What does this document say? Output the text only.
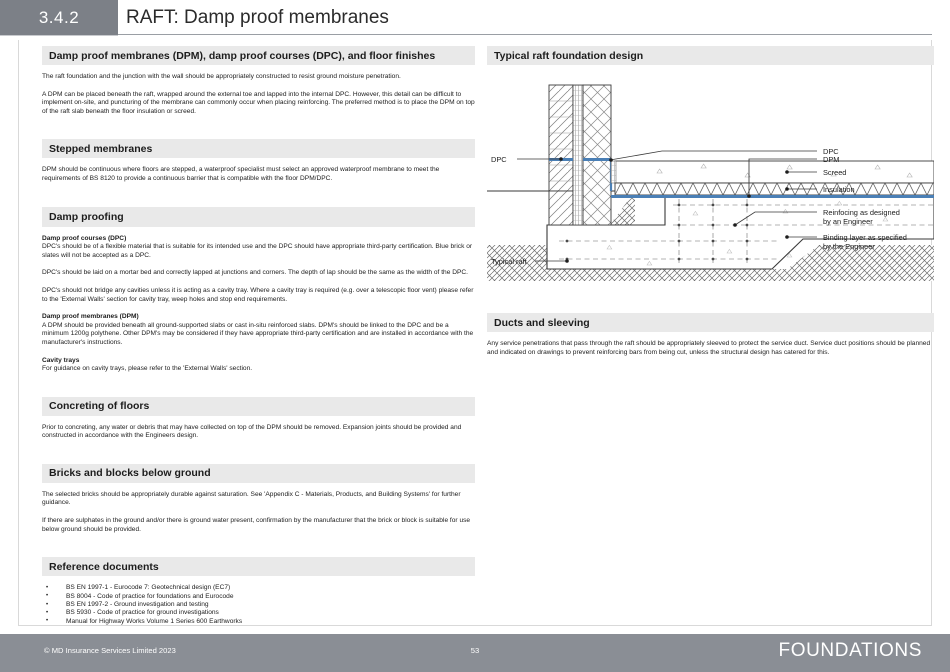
3.4.2	RAFT: Damp proof membranes
Damp proof membranes (DPM), damp proof courses (DPC), and floor finishes

The raft foundation and the junction with the wall should be appropriately constructed to resist ground moisture penetration.

A DPM can be placed beneath the raft, wrapped around the external toe and lapped into the internal DPC. However, this detail can be difficult to implement on-site, and puncturing of the membrane can commonly occur when placing reinforcing. The preferred method is to place the DPM on top of the raft slab beneath the floor insulation or screed.

Stepped membranes

DPM should be continuous where floors are stepped, a waterproof specialist must select an approved waterproof membrane to meet the requirements of BS 8120 to provide a continuous barrier that is compatible with the floor DPM/DPC.

Damp proofing
Damp proof courses (DPC)

DPC's should be of a flexible material that is suitable for its intended use and the DPC should have appropriate third-party certification. Blue brick or slates will not be accepted as a DPC.

DPC's should be laid on a mortar bed and correctly lapped at junctions and corners. The depth of lap should be the same as the width of the DPC.

DPC's should not bridge any cavities unless it is acting as a cavity tray. Where a cavity tray is required (e.g. over a telescopic floor vent) please refer to the 'External Walls' section for cavity tray, weep holes and stop end requirements.

Damp proof membranes (DPM)

A DPM should be provided beneath all ground-supported slabs or cast in-situ reinforced slabs. DPM's should be linked to the DPC and be a minimum 1200g polythene. Other DPM's may be considered if they have appropriate third-party certification and are installed in accordance with the manufacturer's instructions.

Cavity trays

For guidance on cavity trays, please refer to the 'External Walls' section.

Concreting of floors

Prior to concreting, any water or debris that may have collected on top of the DPM should be removed. Expansion joints should be provided and constructed in accordance with the Engineers design.

Bricks and blocks below ground

The selected bricks should be appropriately durable against saturation. See 'Appendix C - Materials, Products, and Building Systems' for further guidance.

If there are sulphates in the ground and/or there is ground water present, confirmation by the manufacturer that the brick or block is suitable for use below ground should be provided.

Reference documents
• BS EN 1997-1 - Eurocode 7: Geotechnical design (EC7)
• BS 8004 - Code of practice for foundations and Eurocode
• BS EN 1997-2 - Ground investigation and testing
• BS 5930 - Code of practice for ground investigations
• Manual for Highway Works Volume 1 Series 600 Earthworks
Typical raft foundation design
DPC
Typical raft
DPC
DPM
Screed
Insulation
Reinfocing as designed
by an Engineer
Binding layer as specified
by the Engineer
Ducts and sleeving

Any service penetrations that pass through the raft should be appropriately sleeved to protect the service duct. Service duct positions should be planned and indicated on drawings to prevent reinforcing bars from being cut, unless the structural design has catered for this.

© MD Insurance Services Limited 2023	53	FOUNDATIONS
